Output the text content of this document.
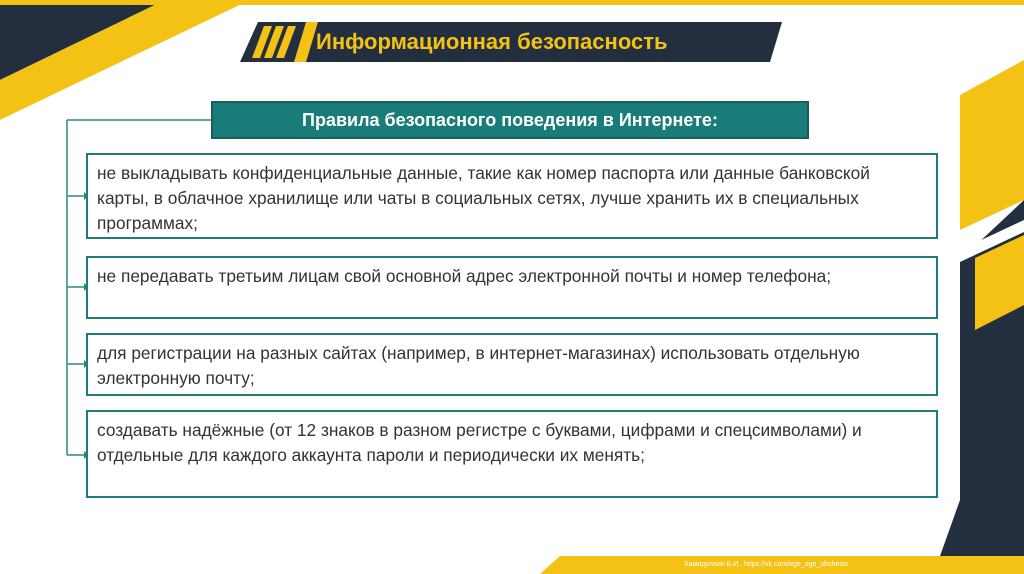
Информационная безопасность
Правила безопасного поведения в Интернете:
не выкладывать конфиденциальные данные, такие как номер паспорта или данные банковской карты, в облачное хранилище или чаты в социальных сетях, лучше хранить их в специальных программах;
не передавать третьим лицам свой основной адрес электронной почты и номер телефона;
для регистрации на разных сайтах (например, в интернет-магазинах) использовать отдельную электронную почту;
создавать надёжные (от 12 знаков в разном регистре с буквами, цифрами и спецсимволами) и отдельные для каждого аккаунта пароли и периодически их менять;
Хамидуллин Б.И.. https://vk.com/ege_oge_obshestv
